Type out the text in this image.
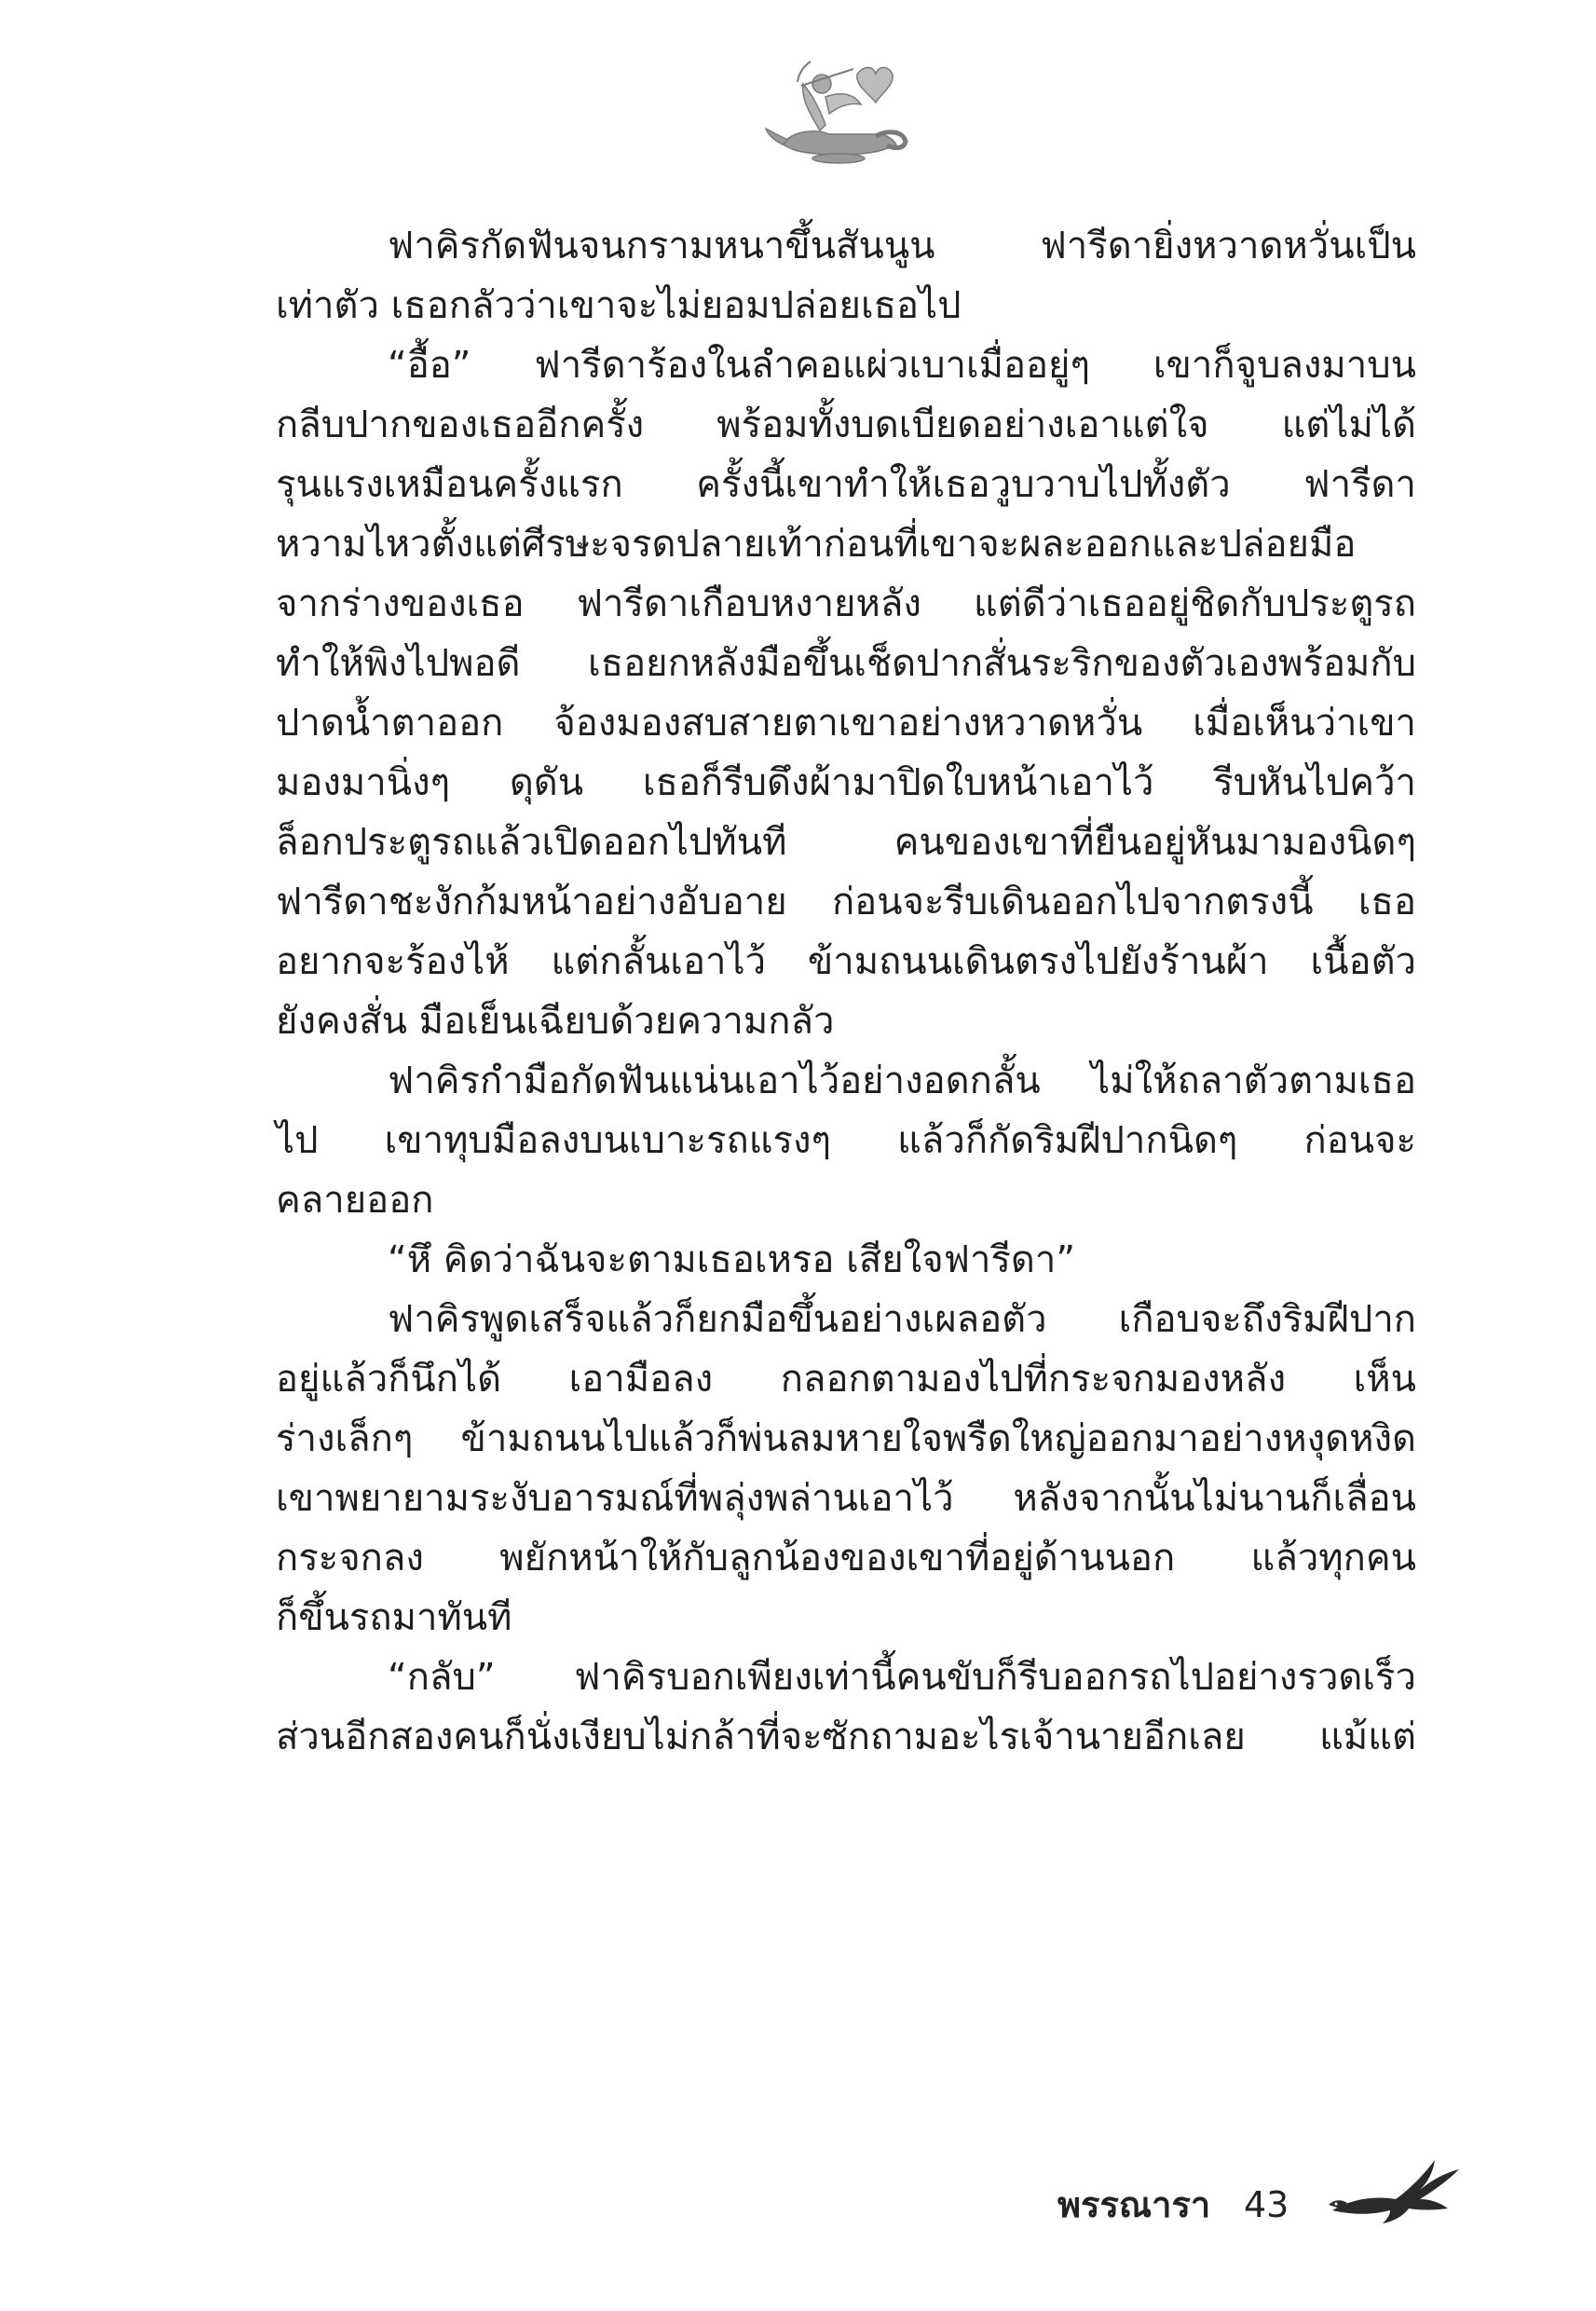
ฟาคิรกัดฟันจนกรามหนาขึ้นสันนูน ฟารีดายิ่งหวาดหวั่นเป็น
เท่าตัว เธอกลัวว่าเขาจะไม่ยอมปล่อยเธอไป
“อื้อ” ฟารีดาร้องในลำคอแผ่วเบาเมื่ออยู่ๆ เขาก็จูบลงมาบน
กลีบปากของเธออีกครั้ง พร้อมทั้งบดเบียดอย่างเอาแต่ใจ แต่ไม่ได้
รุนแรงเหมือนครั้งแรก ครั้งนี้เขาทำให้เธอวูบวาบไปทั้งตัว ฟารีดา
หวามไหวตั้งแต่ศีรษะจรดปลายเท้าก่อนที่เขาจะผละออกและปล่อยมือ
จากร่างของเธอ ฟารีดาเกือบหงายหลัง แต่ดีว่าเธออยู่ชิดกับประตูรถ
ทำให้พิงไปพอดี เธอยกหลังมือขึ้นเช็ดปากสั่นระริกของตัวเองพร้อมกับ
ปาดน้ำตาออก จ้องมองสบสายตาเขาอย่างหวาดหวั่น เมื่อเห็นว่าเขา
มองมานิ่งๆ ดุดัน เธอก็รีบดึงผ้ามาปิดใบหน้าเอาไว้ รีบหันไปคว้า
ล็อกประตูรถแล้วเปิดออกไปทันที คนของเขาที่ยืนอยู่หันมามองนิดๆ
ฟารีดาชะงักก้มหน้าอย่างอับอาย ก่อนจะรีบเดินออกไปจากตรงนี้ เธอ
อยากจะร้องไห้ แต่กลั้นเอาไว้ ข้ามถนนเดินตรงไปยังร้านผ้า เนื้อตัว
ยังคงสั่น มือเย็นเฉียบด้วยความกลัว
ฟาคิรกำมือกัดฟันแน่นเอาไว้อย่างอดกลั้น ไม่ให้ถลาตัวตามเธอ
ไป เขาทุบมือลงบนเบาะรถแรงๆ แล้วก็กัดริมฝีปากนิดๆ ก่อนจะ
คลายออก
“หึ คิดว่าฉันจะตามเธอเหรอ เสียใจฟารีดา”
ฟาคิรพูดเสร็จแล้วก็ยกมือขึ้นอย่างเผลอตัว เกือบจะถึงริมฝีปาก
อยู่แล้วก็นึกได้ เอามือลง กลอกตามองไปที่กระจกมองหลัง เห็น
ร่างเล็กๆ ข้ามถนนไปแล้วก็พ่นลมหายใจพรืดใหญ่ออกมาอย่างหงุดหงิด
เขาพยายามระงับอารมณ์ที่พลุ่งพล่านเอาไว้ หลังจากนั้นไม่นานก็เลื่อน
กระจกลง พยักหน้าให้กับลูกน้องของเขาที่อยู่ด้านนอก แล้วทุกคน
ก็ขึ้นรถมาทันที
“กลับ” ฟาคิรบอกเพียงเท่านี้คนขับก็รีบออกรถไปอย่างรวดเร็ว
ส่วนอีกสองคนก็นั่งเงียบไม่กล้าที่จะซักถามอะไรเจ้านายอีกเลย แม้แต่
พรรณารา 43
